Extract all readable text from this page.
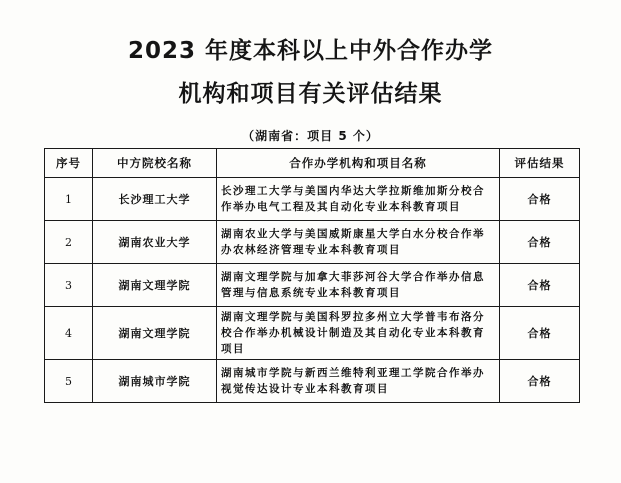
2023 年度本科以上中外合作办学
机构和项目有关评估结果
（湖南省：项目 5 个）
序号	中方院校名称	合作办学机构和项目名称	评估结果
1	长沙理工大学	长沙理工大学与美国内华达大学拉斯维加斯分校合作举办电气工程及其自动化专业本科教育项目	合格
2	湖南农业大学	湖南农业大学与美国威斯康星大学白水分校合作举办农林经济管理专业本科教育项目	合格
3	湖南文理学院	湖南文理学院与加拿大菲莎河谷大学合作举办信息管理与信息系统专业本科教育项目	合格
4	湖南文理学院	湖南文理学院与美国科罗拉多州立大学普韦布洛分校合作举办机械设计制造及其自动化专业本科教育项目	合格
5	湖南城市学院	湖南城市学院与新西兰维特利亚理工学院合作举办视觉传达设计专业本科教育项目	合格
